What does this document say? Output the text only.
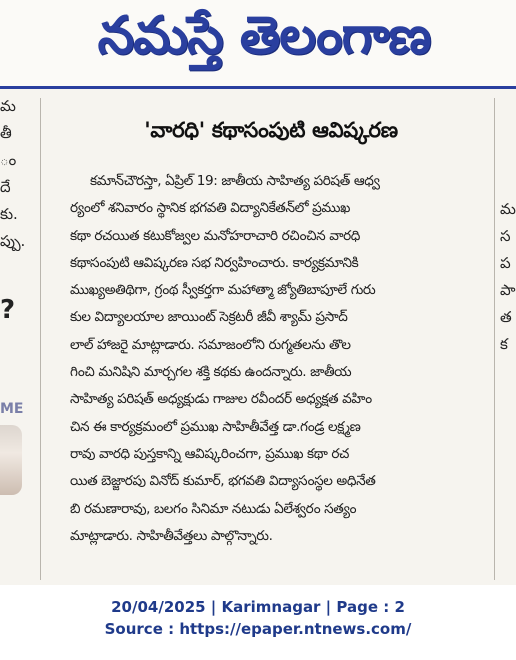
నమస్తే తెలంగాణ
మ
తీ
ం
దే
కు.
ప్పు.
?
ME
'వారధి' కథాసంపుటి ఆవిష్కరణ
కమాన్‌చౌరస్తా, ఏప్రిల్ 19: జాతీయ సాహిత్య పరిషత్ ఆధ్వ
ర్యంలో శనివారం స్థానిక భగవతి విద్యానికేతన్‌లో ప్రముఖ
కథా రచయిత కటుకోజ్వల మనోహరాచారి రచించిన వారధి
కథాసంపుటి ఆవిష్కరణ సభ నిర్వహించారు. కార్యక్రమానికి
ముఖ్యఅతిథిగా, గ్రంథ స్వీకర్తగా మహాత్మా జ్యోతిబాపూలే గురు
కుల విద్యాలయాల జాయింట్ సెక్రటరీ జీవీ శ్యామ్ ప్రసాద్
లాల్ హాజరై మాట్లాడారు. సమాజంలోని రుగ్మతలను తొల
గించి మనిషిని మార్చగల శక్తి కథకు ఉందన్నారు. జాతీయ
సాహిత్య పరిషత్ అధ్యక్షుడు గాజుల రవీందర్ అధ్యక్షత వహిం
చిన ఈ కార్యక్రమంలో ప్రముఖ సాహితీవేత్త డా.గండ్ర లక్ష్మణ
రావు వారధి పుస్తకాన్ని ఆవిష్కరించగా, ప్రముఖ కథా రచ
యిత బెజ్జారపు వినోద్ కుమార్, భగవతి విద్యాసంస్థల అధినేత
బి రమణారావు, బలగం సినిమా నటుడు ఏలేశ్వరం సత్యం
మాట్లాడారు. సాహితీవేత్తలు పాల్గొన్నారు.
మ
స
ప
పా
త
క
20/04/2025 | Karimnagar | Page : 2
Source : https://epaper.ntnews.com/
